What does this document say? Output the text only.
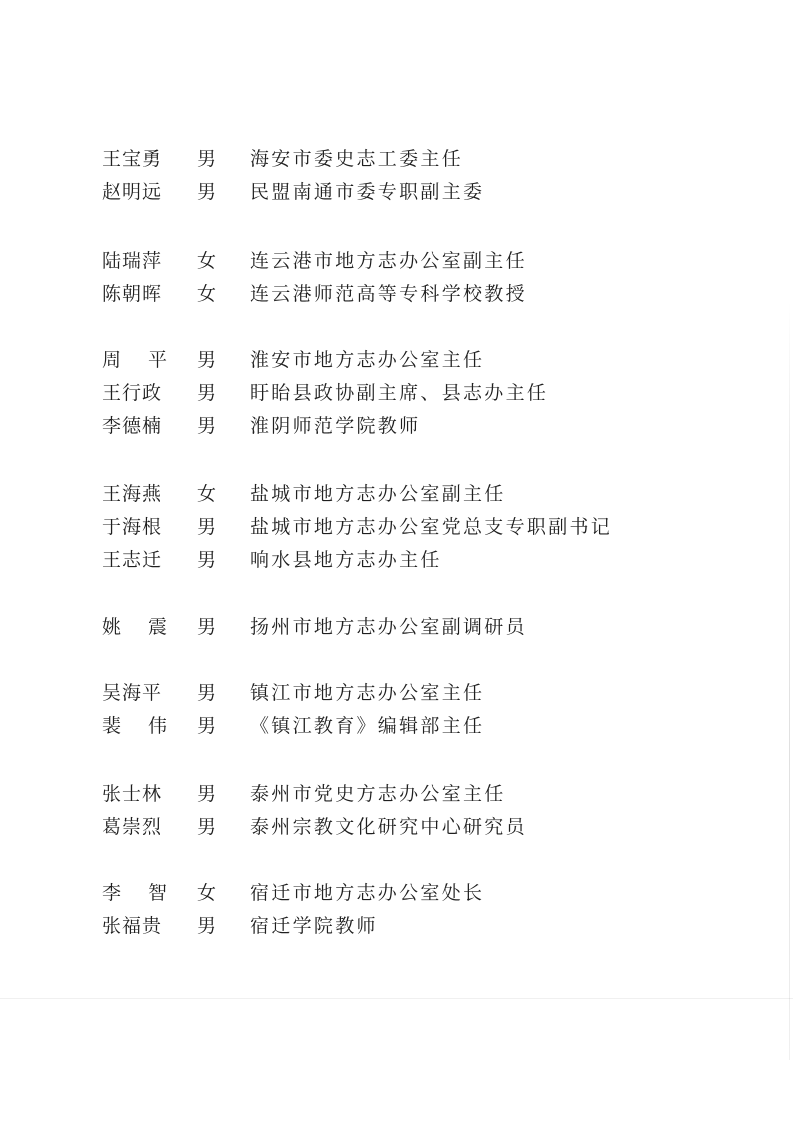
王宝勇	男 海安市委史志工委主任
赵明远	男 民盟南通市委专职副主委
陆瑞萍	女 连云港市地方志办公室副主任
陈朝晖	女 连云港师范高等专科学校教授
周 平 男 淮安市地方志办公室主任
王行政	男 盱眙县政协副主席、县志办主任
李德楠	男 淮阴师范学院教师
王海燕	女 盐城市地方志办公室副主任
于海根	男 盐城市地方志办公室党总支专职副书记
王志迁	男 响水县地方志办主任
姚 震 男 扬州市地方志办公室副调研员
吴海平	男 镇江市地方志办公室主任
裴 伟 男 《镇江教育》编辑部主任
张士林	男 泰州市党史方志办公室主任
葛崇烈	男 泰州宗教文化研究中心研究员
李 智 女 宿迁市地方志办公室处长
张福贵	男 宿迁学院教师
